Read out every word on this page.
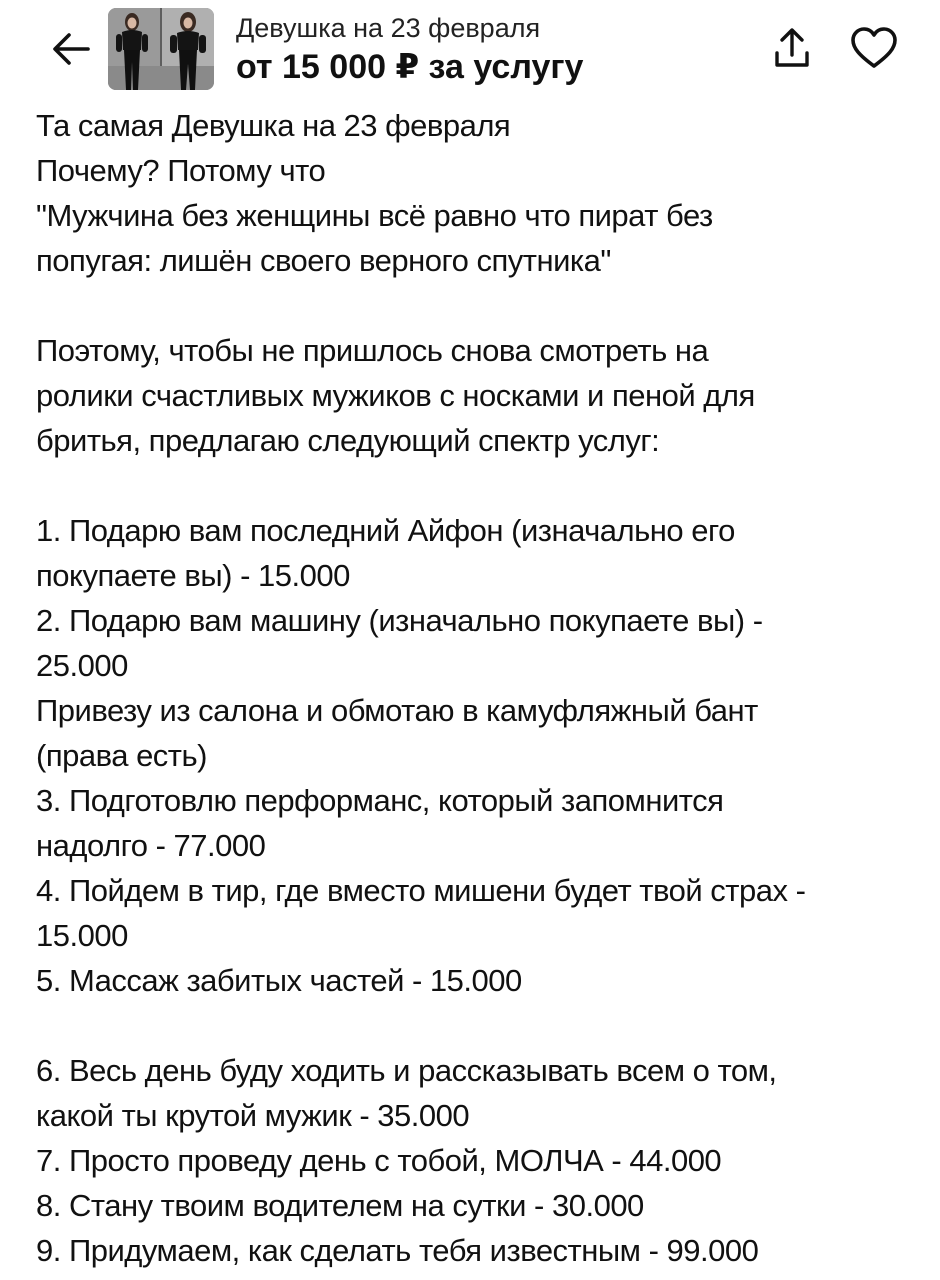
Девушка на 23 февраля
от 15 000 ₽ за услугу
Та самая Девушка на 23 февраля
Почему? Потому что
"Мужчина без женщины всё равно что пират без
попугая: лишён своего верного спутника"
Поэтому, чтобы не пришлось снова смотреть на
ролики счастливых мужиков с носками и пеной для
бритья, предлагаю следующий спектр услуг:
1. Подарю вам последний Айфон (изначально его
покупаете вы) - 15.000
2. Подарю вам машину (изначально покупаете вы) -
25.000
Привезу из салона и обмотаю в камуфляжный бант
(права есть)
3. Подготовлю перформанс, который запомнится
надолго - 77.000
4. Пойдем в тир, где вместо мишени будет твой страх -
15.000
5. Массаж забитых частей - 15.000
6. Весь день буду ходить и рассказывать всем о том,
какой ты крутой мужик - 35.000
7. Просто проведу день с тобой, МОЛЧА - 44.000
8. Стану твоим водителем на сутки - 30.000
9. Придумаем, как сделать тебя известным - 99.000
